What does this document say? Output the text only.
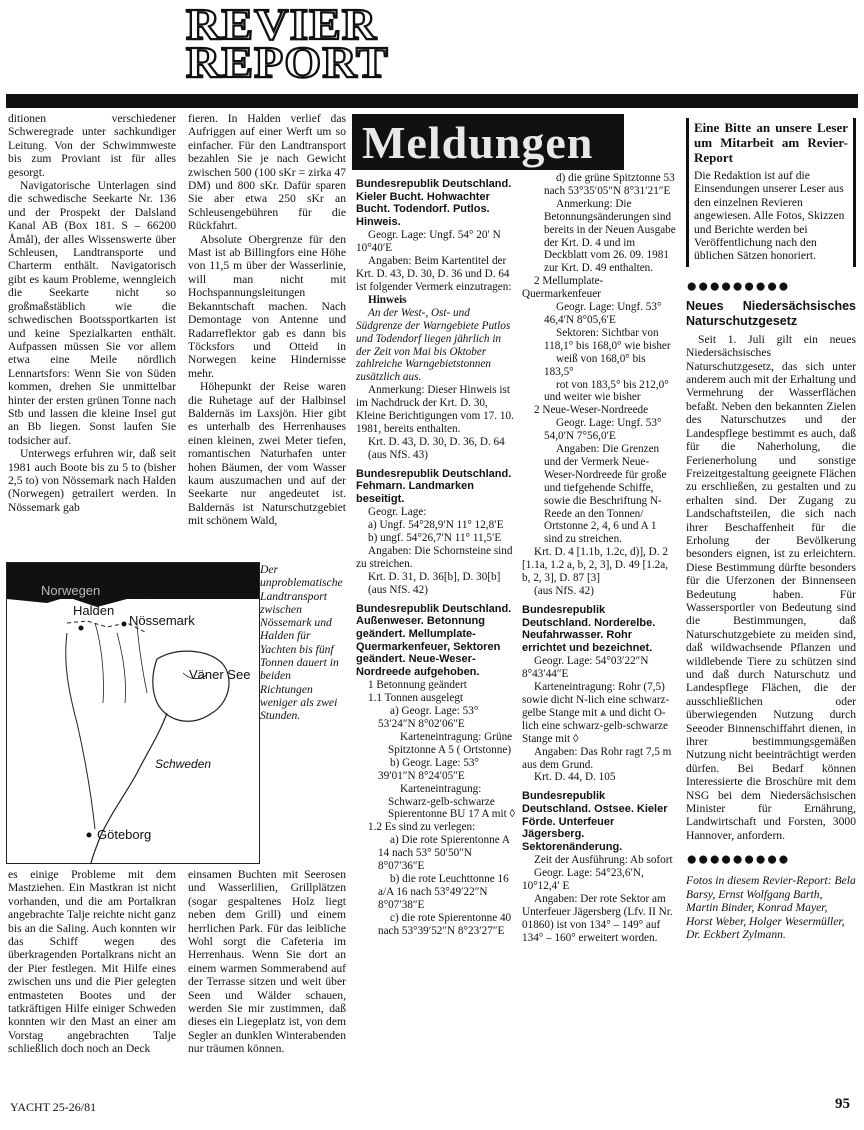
REVIER
REPORT

ditionen verschiedener Schweregrade unter sachkundiger Leitung. Von der Schwimmweste bis zum Proviant ist für alles gesorgt.

Navigatorische Unterlagen sind die schwedische Seekarte Nr. 136 und der Prospekt der Dalsland Kanal AB (Box 181. S – 66200 Åmål), der alles Wissenswerte über Schleusen, Landtransporte und Charterm enthält. Navigatorisch gibt es kaum Probleme, wenngleich die Seekarte nicht so großmaßstäblich wie die schwedischen Bootssportkarten ist und keine Spezialkarten enthält. Aufpassen müssen Sie vor allem etwa eine Meile nördlich Lennartsfors: Wenn Sie von Süden kommen, drehen Sie unmittelbar hinter der ersten grünen Tonne nach Stb und lassen die kleine Insel gut an Bb liegen. Sonst laufen Sie todsicher auf.

Unterwegs erfuhren wir, daß seit 1981 auch Boote bis zu 5 to (bisher 2,5 to) von Nössemark nach Halden (Norwegen) getrailert werden. In Nössemark gab

fieren. In Halden verlief das Aufriggen auf einer Werft um so einfacher. Für den Landtransport bezahlen Sie je nach Gewicht zwischen 500 (100 sKr = zirka 47 DM) und 800 sKr. Dafür sparen Sie aber etwa 250 sKr an Schleusengebühren für die Rückfahrt.

Absolute Obergrenze für den Mast ist ab Billingfors eine Höhe von 11,5 m über der Wasserlinie, will man nicht mit Hochspannungsleitungen Bekanntschaft machen. Nach Demontage von Antenne und Radarreflektor gab es dann bis Töcksfors und Otteid in Norwegen keine Hindernisse mehr.

Höhepunkt der Reise waren die Ruhetage auf der Halbinsel Baldernäs im Laxsjön. Hier gibt es unterhalb des Herrenhauses einen kleinen, zwei Meter tiefen, romantischen Naturhafen unter hohen Bäumen, der vom Wasser kaum auszumachen und auf der Seekarte nur angedeutet ist. Baldernäs ist Naturschutzgebiet mit schönem Wald,

Norwegen
Halden
Nössemark
Väner See
Schweden
Göteborg
Der unproblematische Landtransport zwischen Nössemark und Halden für Yachten bis fünf Tonnen dauert in beiden Richtungen weniger als zwei Stunden.

es einige Probleme mit dem Mastziehen. Ein Mastkran ist nicht vorhanden, und die am Portalkran angebrachte Talje reichte nicht ganz bis an die Saling. Auch konnten wir das Schiff wegen des überkragenden Portalkrans nicht an der Pier festlegen. Mit Hilfe eines zwischen uns und die Pier gelegten entmasteten Bootes und der tatkräftigen Hilfe einiger Schweden konnten wir den Mast an einer am Vorstag angebrachten Talje schließlich doch noch an Deck

einsamen Buchten mit Seerosen und Wasserlilien, Grillplätzen (sogar gespaltenes Holz liegt neben dem Grill) und einem herrlichen Park. Für das leibliche Wohl sorgt die Cafeteria im Herrenhaus. Wenn Sie dort an einem warmen Sommerabend auf der Terrasse sitzen und weit über Seen und Wälder schauen, werden Sie mir zustimmen, daß dieses ein Liegeplatz ist, von dem Segler an dunklen Winterabenden nur träumen können.

Meldungen
Bundesrepublik Deutschland. Kieler Bucht. Hohwachter Bucht. Todendorf. Putlos. Hinweis.

Geogr. Lage: Ungf. 54° 20′ N 10°40′E

Angaben: Beim Kartentitel der Krt. D. 43, D. 30, D. 36 und D. 64 ist folgender Vermerk einzutragen:

Hinweis

An der West-, Ost- und Südgrenze der Warngebiete Putlos und Todendorf liegen jährlich in der Zeit von Mai bis Oktober zahlreiche Warngebietstonnen zusätzlich aus.

Anmerkung: Dieser Hinweis ist im Nachdruck der Krt. D. 30, Kleine Berichtigungen vom 17. 10. 1981, bereits enthalten.

Krt. D. 43, D. 30, D. 36, D. 64

(aus NfS. 43)

Bundesrepublik Deutschland. Fehmarn. Landmarken beseitigt.

Geogr. Lage:

a) Ungf. 54°28,9′N 11° 12,8′E

b) ungf. 54°26,7′N 11° 11,5′E

Angaben: Die Schornsteine sind zu streichen.

Krt. D. 31, D. 36[b], D. 30[b]

(aus NfS. 42)

Bundesrepublik Deutschland. Außenweser. Betonnung geändert. Mellumplate-Quermarkenfeuer, Sektoren geändert. Neue-Weser-Nordreede aufgehoben.

1 Betonnung geändert

1.1 Tonnen ausgelegt

a) Geogr. Lage: 53° 53′24″N 8°02′06″E

Karteneintragung: Grüne Spitztonne A 5 ( Ortstonne)

b) Geogr. Lage: 53° 39′01″N 8°24′05″E

Karteneintragung: Schwarz-gelb-schwarze Spierentonne BU 17 A mit ◊

1.2 Es sind zu verlegen:

a) Die rote Spierentonne A 14 nach 53° 50′50″N 8°07′36″E

b) die rote Leuchttonne 16 a/A 16 nach 53°49′22″N 8°07′38″E

c) die rote Spierentonne 40 nach 53°39′52″N 8°23′27″E

d) die grüne Spitztonne 53 nach 53°35′05″N 8°31′21″E

Anmerkung: Die Betonnungsänderungen sind bereits in der Neuen Ausgabe der Krt. D. 4 und im Deckblatt vom 26. 09. 1981 zur Krt. D. 49 enthalten.

2 Mellumplate-Quermarkenfeuer

Geogr. Lage: Ungf. 53° 46,4′N 8°05,6′E

Sektoren: Sichtbar von 118,1° bis 168,0° wie bisher

weiß von 168,0° bis 183,5°

rot von 183,5° bis 212,0° und weiter wie bisher

2 Neue-Weser-Nordreede

Geogr. Lage: Ungf. 53° 54,0′N 7°56,0′E

Angaben: Die Grenzen und der Vermerk Neue-Weser-Nordreede für große und tiefgehende Schiffe, sowie die Beschriftung N-Reede an den Tonnen/ Ortstonne 2, 4, 6 und A 1 sind zu streichen.

Krt. D. 4 [1.1b, 1.2c, d)], D. 2 [1.1a, 1.2 a, b, 2, 3], D. 49 [1.2a, b, 2, 3], D. 87 [3]

(aus NfS. 42)

Bundesrepublik Deutschland. Norderelbe. Neufahrwasser. Rohr errichtet und bezeichnet.

Geogr. Lage: 54°03′22″N 8°43′44″E

Karteneintragung: Rohr (7,5) sowie dicht N-lich eine schwarz-gelbe Stange mit ⩓ und dicht O-lich eine schwarz-gelb-schwarze Stange mit ◊

Angaben: Das Rohr ragt 7,5 m aus dem Grund.

Krt. D. 44, D. 105

Bundesrepublik Deutschland. Ostsee. Kieler Förde. Unterfeuer Jägersberg. Sektorenänderung.

Zeit der Ausführung: Ab sofort

Geogr. Lage: 54°23,6′N, 10°12,4′ E

Angaben: Der rote Sektor am Unterfeuer Jägersberg (Lfv. II Nr. 01860) ist von 134° – 149° auf 134° – 160° erweitert worden.

Eine Bitte an unsere Leser um Mitarbeit am Revier-Report

Die Redaktion ist auf die Einsendungen unserer Leser aus den einzelnen Revieren angewiesen. Alle Fotos, Skizzen und Berichte werden bei Veröffentlichung nach den üblichen Sätzen honoriert.

●●●●●●●●●
Neues Niedersächsisches Naturschutzgesetz

Seit 1. Juli gilt ein neues Niedersächsisches Naturschutzgesetz, das sich unter anderem auch mit der Erhaltung und Vermehrung der Wasserflächen befaßt. Neben den bekannten Zielen des Naturschutzes und der Landespflege bestimmt es auch, daß für die Naherholung, die Ferienerholung und sonstige Freizeitgestaltung geeignete Flächen zu erschließen, zu gestalten und zu erhalten sind. Der Zugang zu Landschaftsteilen, die sich nach ihrer Beschaffenheit für die Erholung der Bevölkerung besonders eignen, ist zu erleichtern. Diese Bestimmung dürfte besonders für die Uferzonen der Binnenseen Bedeutung haben. Für Wassersportler von Bedeutung sind die Bestimmungen, daß Naturschutzgebiete zu meiden sind, daß wildwachsende Pflanzen und wildlebende Tiere zu schützen sind und daß durch Naturschutz und Landespflege Flächen, die der ausschließlichen oder überwiegenden Nutzung durch Seeoder Binnenschiffahrt dienen, in ihrer bestimmungsgemäßen Nutzung nicht beeinträchtigt werden dürfen. Bei Bedarf können Interessierte die Broschüre mit dem NSG bei dem Niedersächsischen Minister für Ernährung, Landwirtschaft und Forsten, 3000 Hannover, anfordern.

●●●●●●●●●

Fotos in diesem Revier-Report: Bela Barsy, Ernst Wolfgang Barth, Martin Binder, Konrad Mayer, Horst Weber, Holger Wesermüller, Dr. Eckbert Zylmann.

YACHT 25-26/81	95
